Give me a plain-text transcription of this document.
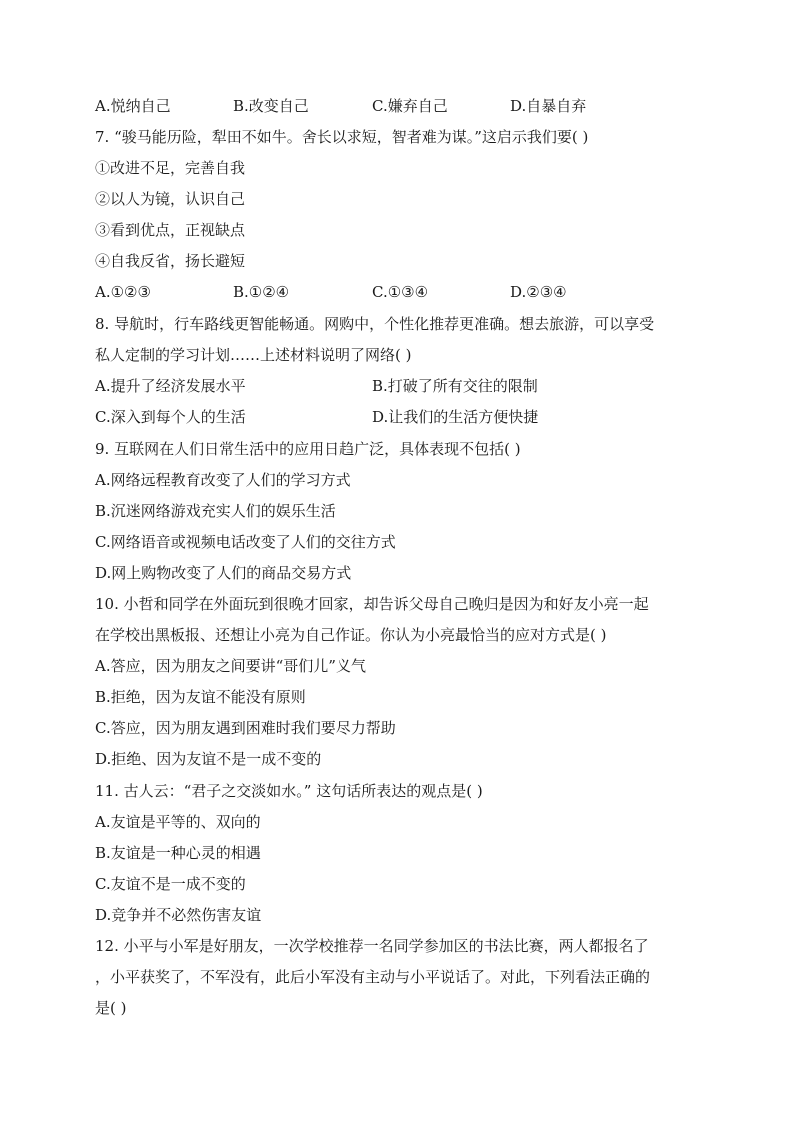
A.悦纳自己	B.改变自己	C.嫌弃自己	D.自暴自弃
7. “骏马能历险，犁田不如牛。舍长以求短，智者难为谋。”这启示我们要( )
①改进不足，完善自我
②以人为镜，认识自己
③看到优点，正视缺点
④自我反省，扬长避短
A.①②③	B.①②④	C.①③④	D.②③④
8. 导航时，行车路线更智能畅通。网购中，个性化推荐更准确。想去旅游，可以享受
私人定制的学习计划……上述材料说明了网络( )
A.提升了经济发展水平	B.打破了所有交往的限制
C.深入到每个人的生活	D.让我们的生活方便快捷
9. 互联网在人们日常生活中的应用日趋广泛，具体表现不包括( )
A.网络远程教育改变了人们的学习方式
B.沉迷网络游戏充实人们的娱乐生活
C.网络语音或视频电话改变了人们的交往方式
D.网上购物改变了人们的商品交易方式
10. 小哲和同学在外面玩到很晚才回家，却告诉父母自己晚归是因为和好友小亮一起
在学校出黑板报、还想让小亮为自己作证。你认为小亮最恰当的应对方式是( )
A.答应，因为朋友之间要讲“哥们儿”义气
B.拒绝，因为友谊不能没有原则
C.答应，因为朋友遇到困难时我们要尽力帮助
D.拒绝、因为友谊不是一成不变的
11. 古人云：“君子之交淡如水。” 这句话所表达的观点是( )
A.友谊是平等的、双向的
B.友谊是一种心灵的相遇
C.友谊不是一成不变的
D.竞争并不必然伤害友谊
12. 小平与小军是好朋友，一次学校推荐一名同学参加区的书法比赛，两人都报名了
，小平获奖了，不军没有，此后小军没有主动与小平说话了。对此，下列看法正确的
是( )
